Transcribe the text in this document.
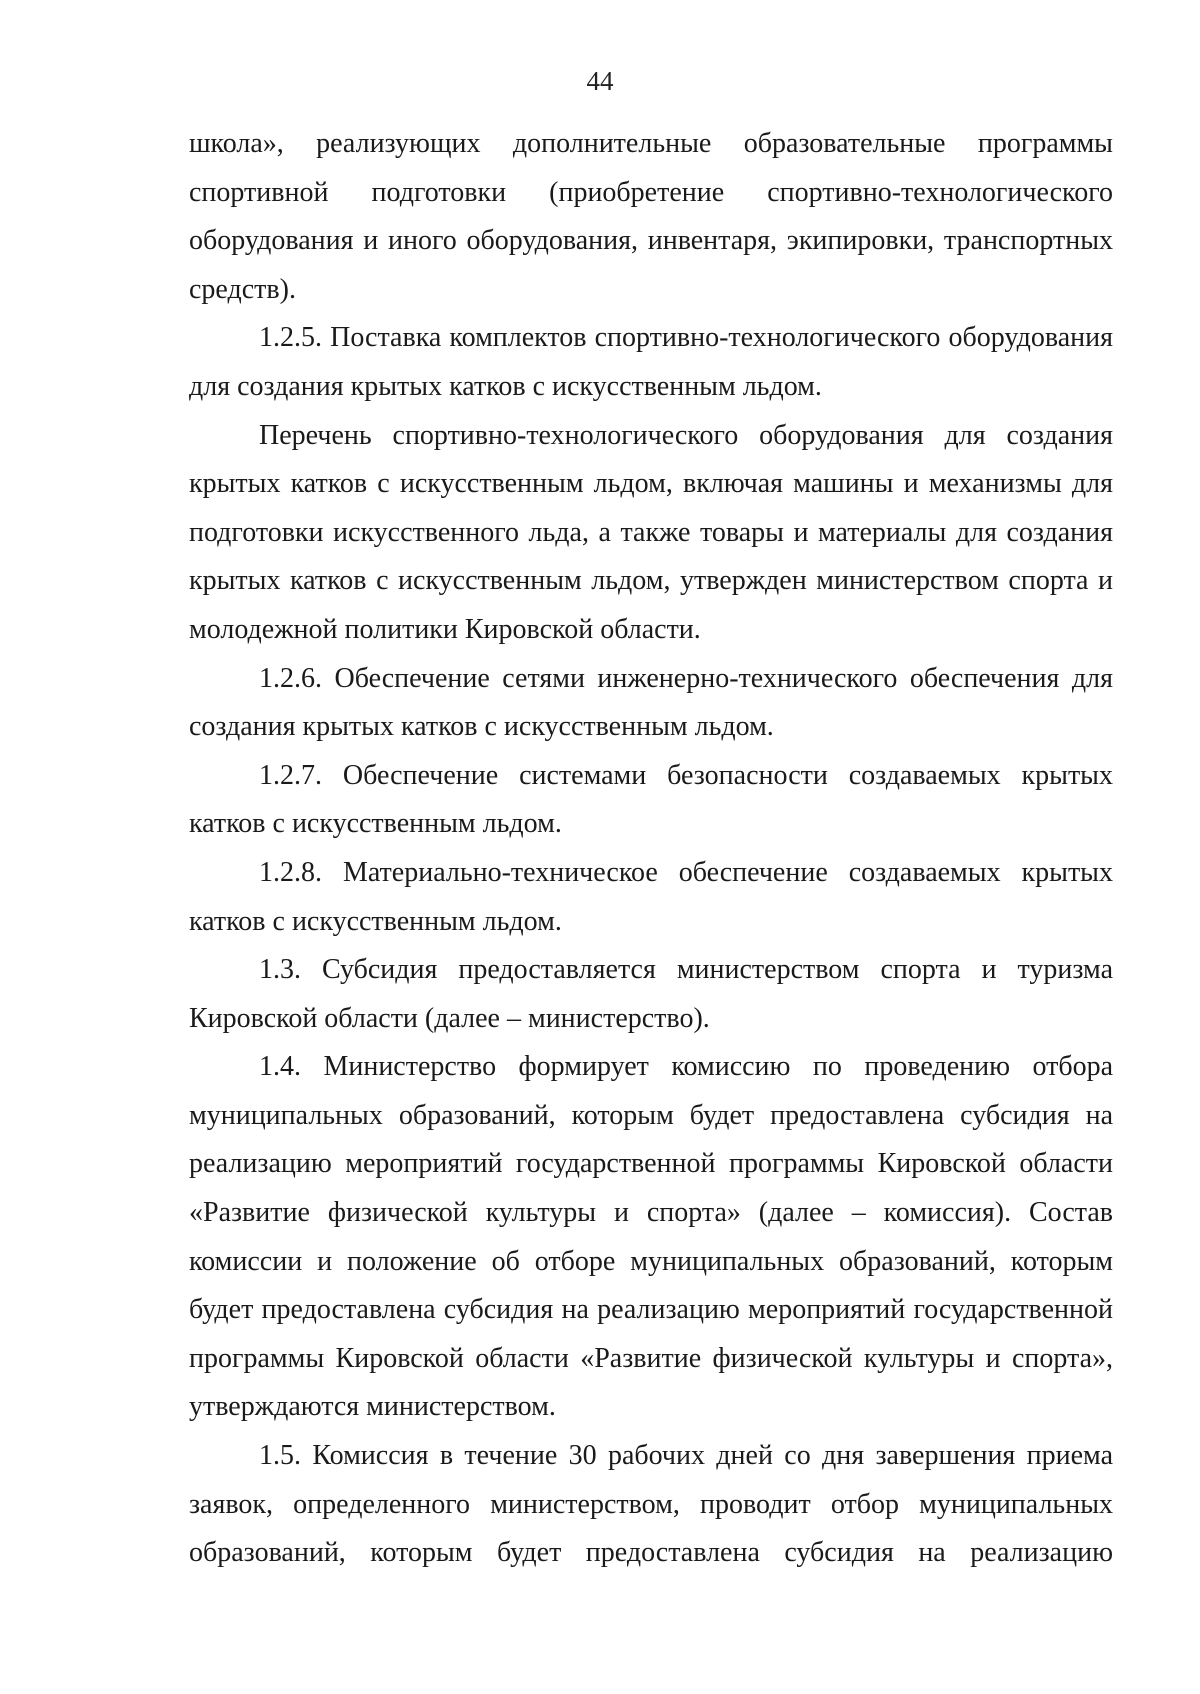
44

школа», реализующих дополнительные образовательные программы спортивной подготовки (приобретение спортивно-технологического оборудования и иного оборудования, инвентаря, экипировки, транспортных средств).

1.2.5. Поставка комплектов спортивно-технологического оборудования для создания крытых катков с искусственным льдом.

Перечень спортивно-технологического оборудования для создания крытых катков с искусственным льдом, включая машины и механизмы для подготовки искусственного льда, а также товары и материалы для создания крытых катков с искусственным льдом, утвержден министерством спорта и молодежной политики Кировской области.

1.2.6. Обеспечение сетями инженерно-технического обеспечения для создания крытых катков с искусственным льдом.

1.2.7. Обеспечение системами безопасности создаваемых крытых катков с искусственным льдом.

1.2.8. Материально-техническое обеспечение создаваемых крытых катков с искусственным льдом.

1.3. Субсидия предоставляется министерством спорта и туризма Кировской области (далее – министерство).

1.4. Министерство формирует комиссию по проведению отбора муниципальных образований, которым будет предоставлена субсидия на реализацию мероприятий государственной программы Кировской области «Развитие физической культуры и спорта» (далее – комиссия). Состав комиссии и положение об отборе муниципальных образований, которым будет предоставлена субсидия на реализацию мероприятий государственной программы Кировской области «Развитие физической культуры и спорта», утверждаются министерством.

1.5. Комиссия в течение 30 рабочих дней со дня завершения приема заявок, определенного министерством, проводит отбор муниципальных образований, которым будет предоставлена субсидия на реализацию
